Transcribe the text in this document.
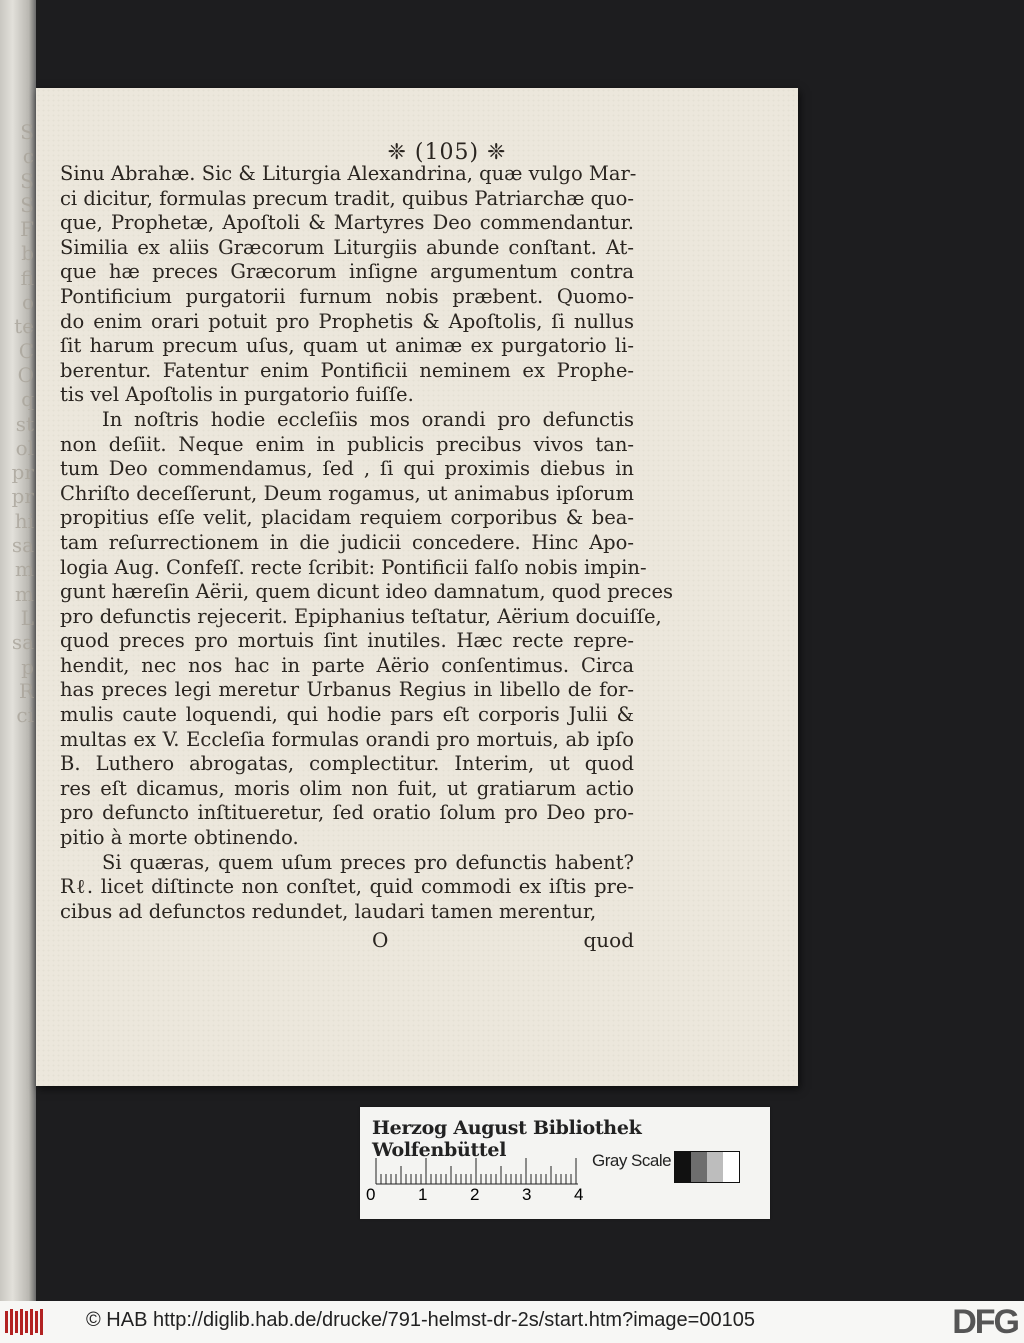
S
c
S
S
F
b
fi
o
te
C
O
q
st
ol
pr
pr
hi
sa
m
m
L
sa
p
R
ci
❈ (105) ❈
Sinu Abrahæ. Sic & Liturgia Alexandrina, quæ vulgo Mar-
ci dicitur, formulas precum tradit, quibus Patriarchæ quo-
que, Prophetæ, Apoſtoli & Martyres Deo commendantur.
Similia ex aliis Græcorum Liturgiis abunde conſtant. At-
que hæ preces Græcorum inſigne argumentum contra
Pontificium purgatorii furnum nobis præbent. Quomo-
do enim orari potuit pro Prophetis & Apoſtolis, ſi nullus
ſit harum precum uſus, quam ut animæ ex purgatorio li-
berentur. Fatentur enim Pontificii neminem ex Prophe-
tis vel Apoſtolis in purgatorio fuiſſe.
In noſtris hodie eccleſiis mos orandi pro defunctis
non deſiit. Neque enim in publicis precibus vivos tan-
tum Deo commendamus, ſed , ſi qui proximis diebus in
Chriſto deceſſerunt, Deum rogamus, ut animabus ipſorum
propitius eſſe velit, placidam requiem corporibus & bea-
tam reſurrectionem in die judicii concedere. Hinc Apo-
logia Aug. Confeſſ. recte ſcribit: Pontificii falſo nobis impin-
gunt hæreſin Aërii, quem dicunt ideo damnatum, quod preces
pro defunctis rejecerit. Epiphanius teſtatur, Aërium docuiſſe,
quod preces pro mortuis ſint inutiles. Hæc recte repre-
hendit, nec nos hac in parte Aërio conſentimus. Circa
has preces legi meretur Urbanus Regius in libello de for-
mulis caute loquendi, qui hodie pars eſt corporis Julii &
multas ex V. Eccleſia formulas orandi pro mortuis, ab ipſo
B. Luthero abrogatas, complectitur. Interim, ut quod
res eſt dicamus, moris olim non fuit, ut gratiarum actio
pro defuncto inſtitueretur, ſed oratio ſolum pro Deo pro-
pitio à morte obtinendo.
Si quæras, quem uſum preces pro defunctis habent?
Rℓ. licet diſtincte non conſtet, quid commodi ex iſtis pre-
cibus ad defunctos redundet, laudari tamen merentur,
O	quod
Herzog August Bibliothek Wolfenbüttel
0	1	2	3	4
Gray Scale
© HAB http://diglib.hab.de/drucke/791-helmst-dr-2s/start.htm?image=00105	DFG
